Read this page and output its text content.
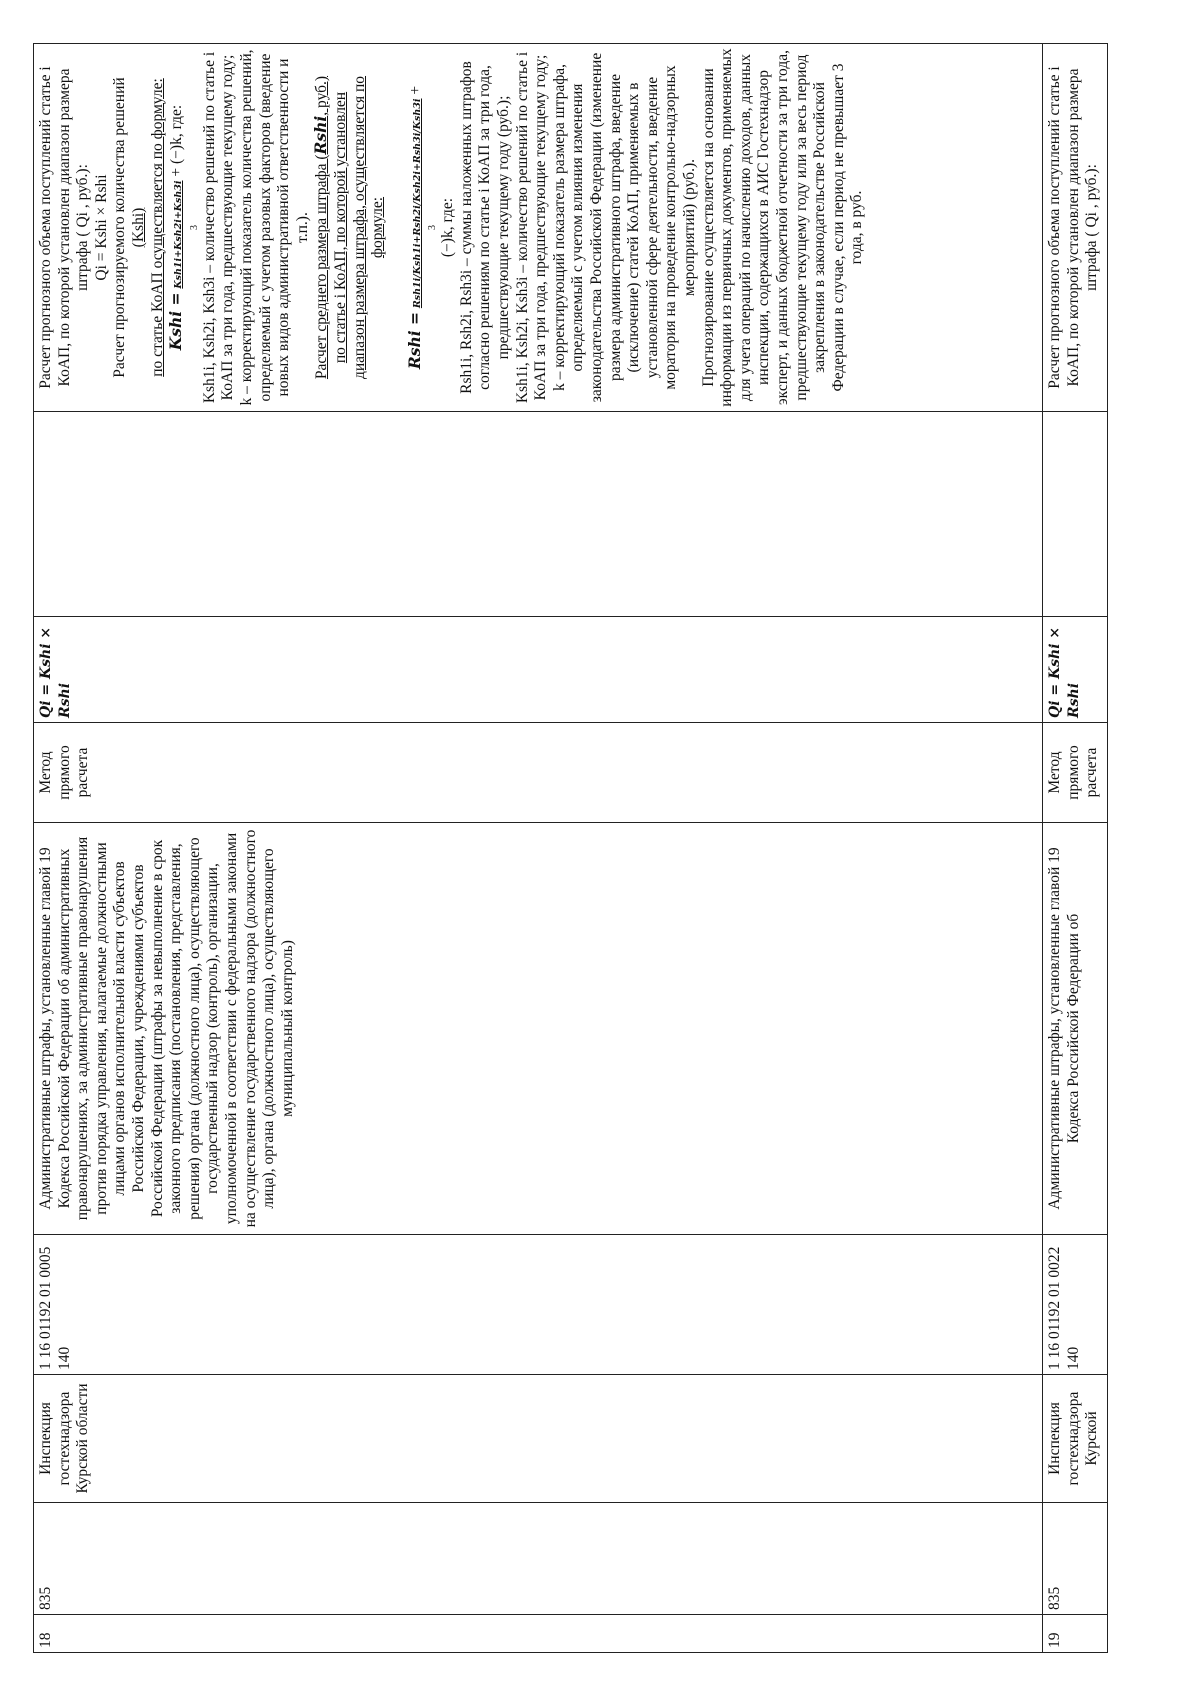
18
835
Инспекция гостехнадзора Курской области
1 16 01192 01 0005 140
Административные штрафы, установленные главой 19 Кодекса Российской Федерации об административных правонарушениях, за административные правонарушения против порядка управления, налагаемые должностными лицами органов исполнительной власти субъектов Российской Федерации, учреждениями субъектов Российской Федерации (штрафы за невыполнение в срок законного предписания (постановления, представления, решения) органа (должностного лица), осуществляющего государственный надзор (контроль), организации, уполномоченной в соответствии с федеральными законами на осуществление государственного надзора (должностного лица), органа (должностного лица), осуществляющего муниципальный контроль)
Метод прямого расчета
Qi = Kshi × Rshi

Расчет прогнозного объема поступлений статье i КоАП, по которой установлен диапазон размера штрафа ( Qi , руб.): Qi = Kshi × Rshi Расчет прогнозируемого количества решений (Kshi) по статье КоАП осуществляется по формуле: Kshi = Ksh1i+Ksh2i+Ksh3i + (−)k, где:
3 Ksh1i, Ksh2i, Ksh3i – количество решений по статье i КоАП за три года, предшествующие текущему году; k – корректирующий показатель количества решений, определяемый с учетом разовых факторов (введение новых видов административной ответственности и т.п.). Расчет среднего размера штрафа (Rshi, руб.) по статье i КоАП, по которой установлен диапазон размера штрафа, осуществляется по формуле:

Rshi = Rsh1i/Ksh1i+Rsh2i/Ksh2i+Rsh3i/Ksh3i +
3 (−)k, где: Rsh1i, Rsh2i, Rsh3i – суммы наложенных штрафов согласно решениям по статье i КоАП за три года, предшествующие текущему году (руб.); Ksh1i, Ksh2i, Ksh3i – количество решений по статье i КоАП за три года, предшествующие текущему году; k – корректирующий показатель размера штрафа, определяемый с учетом влияния изменения законодательства Российской Федерации (изменение размера административного штрафа, введение (исключение) статей КоАП, применяемых в установленной сфере деятельности, введение моратория на проведение контрольно-надзорных мероприятий) (руб.). Прогнозирование осуществляется на основании информации из первичных документов, применяемых для учета операций по начислению доходов, данных инспекции, содержащихся в АИС Гостехнадзор эксперт, и данных бюджетной отчетности за три года, предшествующие текущему году или за весь период закрепления в законодательстве Российской Федерации в случае, если период не превышает 3 года, в руб.

19
835
Инспекция гостехнадзора Курской
1 16 01192 01 0022 140
Административные штрафы, установленные главой 19 Кодекса Российской Федерации об
Метод прямого расчета
Qi = Kshi × Rshi
Расчет прогнозного объема поступлений статье i КоАП, по которой установлен диапазон размера штрафа ( Qi , руб.):
